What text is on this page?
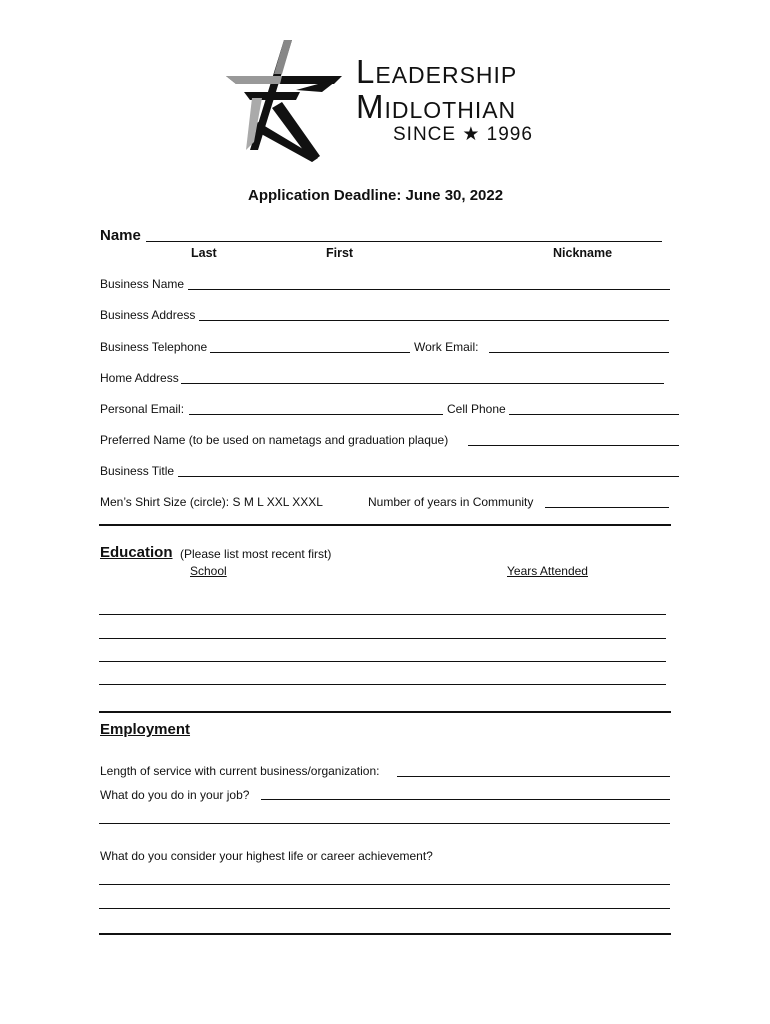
Leadership
Midlothian
SINCE ★ 1996
Application Deadline: June 30, 2022
Name
Last	First	Nickname
Business Name
Business Address
Business Telephone	Work Email:
Home Address
Personal Email:	Cell Phone
Preferred Name (to be used on nametags and graduation plaque)
Business Title
Men’s Shirt Size (circle): S M L XXL XXXL	Number of years in Community
Education (Please list most recent first)
School	Years Attended
Employment
Length of service with current business/organization:
What do you do in your job?
What do you consider your highest life or career achievement?
